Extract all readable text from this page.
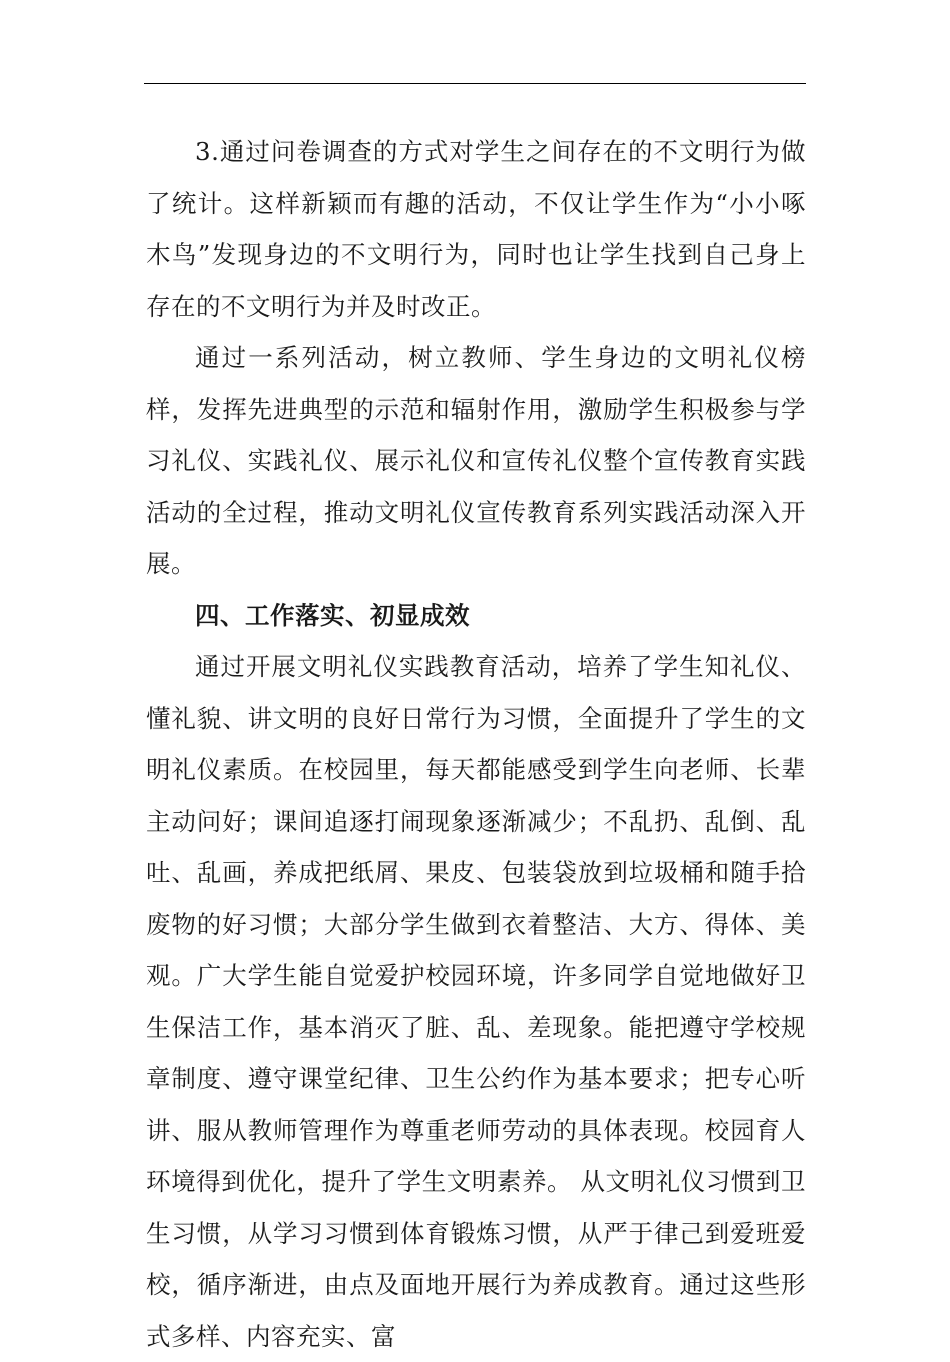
3.通过问卷调查的方式对学生之间存在的不文明行为做了统计。这样新颖而有趣的活动，不仅让学生作为“小小啄木鸟”发现身边的不文明行为，同时也让学生找到自己身上存在的不文明行为并及时改正。

通过一系列活动，树立教师、学生身边的文明礼仪榜样，发挥先进典型的示范和辐射作用，激励学生积极参与学习礼仪、实践礼仪、展示礼仪和宣传礼仪整个宣传教育实践活动的全过程，推动文明礼仪宣传教育系列实践活动深入开展。

四、工作落实、初显成效

通过开展文明礼仪实践教育活动，培养了学生知礼仪、懂礼貌、讲文明的良好日常行为习惯，全面提升了学生的文明礼仪素质。在校园里，每天都能感受到学生向老师、长辈主动问好；课间追逐打闹现象逐渐减少；不乱扔、乱倒、乱吐、乱画，养成把纸屑、果皮、包装袋放到垃圾桶和随手拾废物的好习惯；大部分学生做到衣着整洁、大方、得体、美观。广大学生能自觉爱护校园环境，许多同学自觉地做好卫生保洁工作，基本消灭了脏、乱、差现象。能把遵守学校规章制度、遵守课堂纪律、卫生公约作为基本要求；把专心听讲、服从教师管理作为尊重老师劳动的具体表现。校园育人环境得到优化，提升了学生文明素养。 从文明礼仪习惯到卫生习惯，从学习习惯到体育锻炼习惯，从严于律己到爱班爱校，循序渐进，由点及面地开展行为养成教育。通过这些形式多样、内容充实、富
